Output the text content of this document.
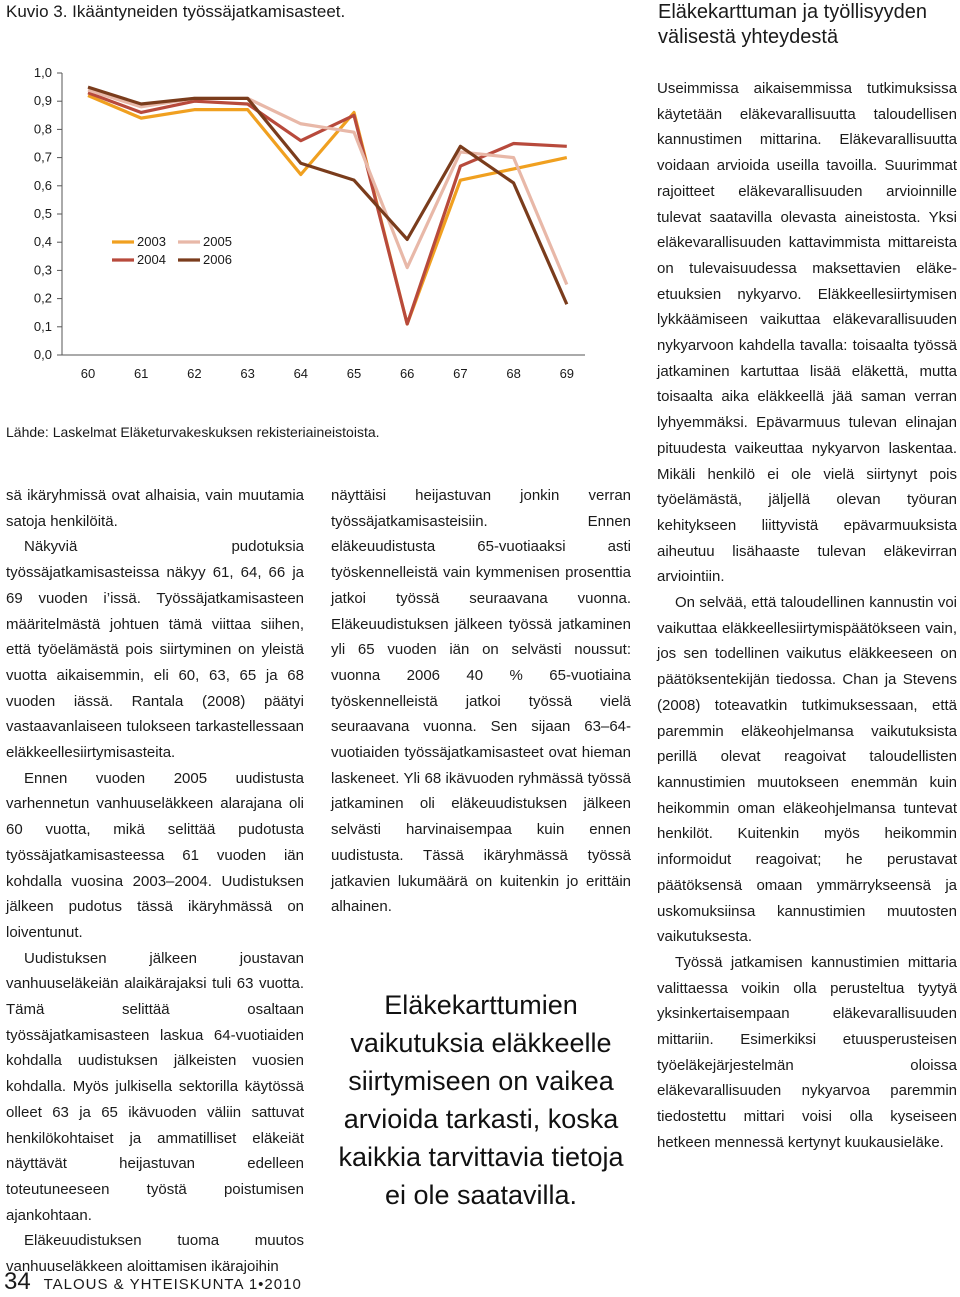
Kuvio 3. Ikääntyneiden työssäjatkamisasteet.
1,0
0,9
0,8
0,7
0,6
0,5
0,4
0,3
0,2
0,1
0,0
60	61	62	63	64	65	66	67	68	69
2003
2004
2005
2006
Lähde: Laskelmat Eläketurvakeskuksen rekisteriaineistoista.

sä ikäryhmissä ovat alhaisia, vain muutamia satoja henkilöitä.

Näkyviä pudotuksia työssäjatkamisasteissa näkyy 61, 64, 66 ja 69 vuoden i’issä. Työssäjatkamisasteen määritelmästä johtuen tämä viittaa siihen, että työelämästä pois siirtyminen on yleistä vuotta aikaisemmin, eli 60, 63, 65 ja 68 vuoden iässä. Rantala (2008) päätyi vastaavanlaiseen tulokseen tarkastellessaan eläkkeellesiirtymisasteita.

Ennen vuoden 2005 uudistusta varhennetun vanhuuseläkkeen alarajana oli 60 vuotta, mikä selittää pudotusta työssäjatkamisasteessa 61 vuoden iän kohdalla vuosina 2003–2004. Uudistuksen jälkeen pudotus tässä ikäryhmässä on loiventunut.

Uudistuksen jälkeen joustavan vanhuuseläkeiän alaikärajaksi tuli 63 vuotta. Tämä selittää osaltaan työssäjatkamisasteen laskua 64-vuotiaiden kohdalla uudistuksen jälkeisten vuosien kohdalla. Myös julkisella sektorilla käytössä olleet 63 ja 65 ikävuoden väliin sattuvat henkilökohtaiset ja ammatilliset eläkeiät näyttävät heijastuvan edelleen toteutuneeseen työstä poistumisen ajankohtaan.

Eläkeuudistuksen tuoma muutos vanhuuseläkkeen aloittamisen ikärajoihin

näyttäisi heijastuvan jonkin verran työssäjatkamisasteisiin. Ennen eläkeuudistusta 65-vuotiaaksi asti työskennelleistä vain kymmenisen prosenttia jatkoi työssä seuraavana vuonna. Eläkeuudistuksen jälkeen työssä jatkaminen yli 65 vuoden iän on selvästi noussut: vuonna 2006 40 % 65-vuotiaina työskennelleistä jatkoi työssä vielä seuraavana vuonna. Sen sijaan 63–64-vuotiaiden työssäjatkamisasteet ovat hieman laskeneet. Yli 68 ikävuoden ryhmässä työssä jatkaminen oli eläkeuudistuksen jälkeen selvästi harvinaisempaa kuin ennen uudistusta. Tässä ikäryhmässä työssä jatkavien lukumäärä on kuitenkin jo erittäin alhainen.

Eläkekarttumien vaikutuksia eläkkeelle siirtymiseen on vaikea arvioida tarkasti, koska kaikkia tarvittavia tietoja ei ole saatavilla.
Eläkekarttuman ja työllisyyden välisestä yhteydestä

Useimmissa aikaisemmissa tutkimuksissa käytetään eläkevarallisuutta taloudellisen kannustimen mittarina. Eläkevarallisuutta voidaan arvioida useilla tavoilla. Suurimmat rajoitteet eläkevarallisuuden arvioinnille tulevat saatavilla olevasta aineistosta. Yksi eläkevarallisuuden kattavimmista mittareista on tulevaisuudessa maksettavien eläke-etuuksien nykyarvo. Eläkkeellesiirtymisen lykkäämiseen vaikuttaa eläkevarallisuuden nykyarvoon kahdella tavalla: toisaalta työssä jatkaminen kartuttaa lisää eläkettä, mutta toisaalta aika eläkkeellä jää saman verran lyhyemmäksi. Epävarmuus tulevan elinajan pituudesta vaikeuttaa nykyarvon laskentaa. Mikäli henkilö ei ole vielä siirtynyt pois työelämästä, jäljellä olevan työuran kehitykseen liittyvistä epävarmuuksista aiheutuu lisähaaste tulevan eläkevirran arviointiin.

On selvää, että taloudellinen kannustin voi vaikuttaa eläkkeellesiirtymispäätökseen vain, jos sen todellinen vaikutus eläkkeeseen on päätöksentekijän tiedossa. Chan ja Stevens (2008) toteavatkin tutkimuksessaan, että paremmin eläkeohjelmansa vaikutuksista perillä olevat reagoivat taloudellisten kannustimien muutokseen enemmän kuin heikommin oman eläkeohjelmansa tuntevat henkilöt. Kuitenkin myös heikommin informoidut reagoivat; he perustavat päätöksensä omaan ymmärrykseensä ja uskomuksiinsa kannustimien muutosten vaikutuksesta.

Työssä jatkamisen kannustimien mittaria valittaessa voikin olla perusteltua tyytyä yksinkertaisempaan eläkevarallisuuden mittariin. Esimerkiksi etuusperusteisen työeläkejärjestelmän oloissa eläkevarallisuuden nykyarvoa paremmin tiedostettu mittari voisi olla kyseiseen hetkeen mennessä kertynyt kuukausieläke.

34 TALOUS & YHTEISKUNTA 1•2010
